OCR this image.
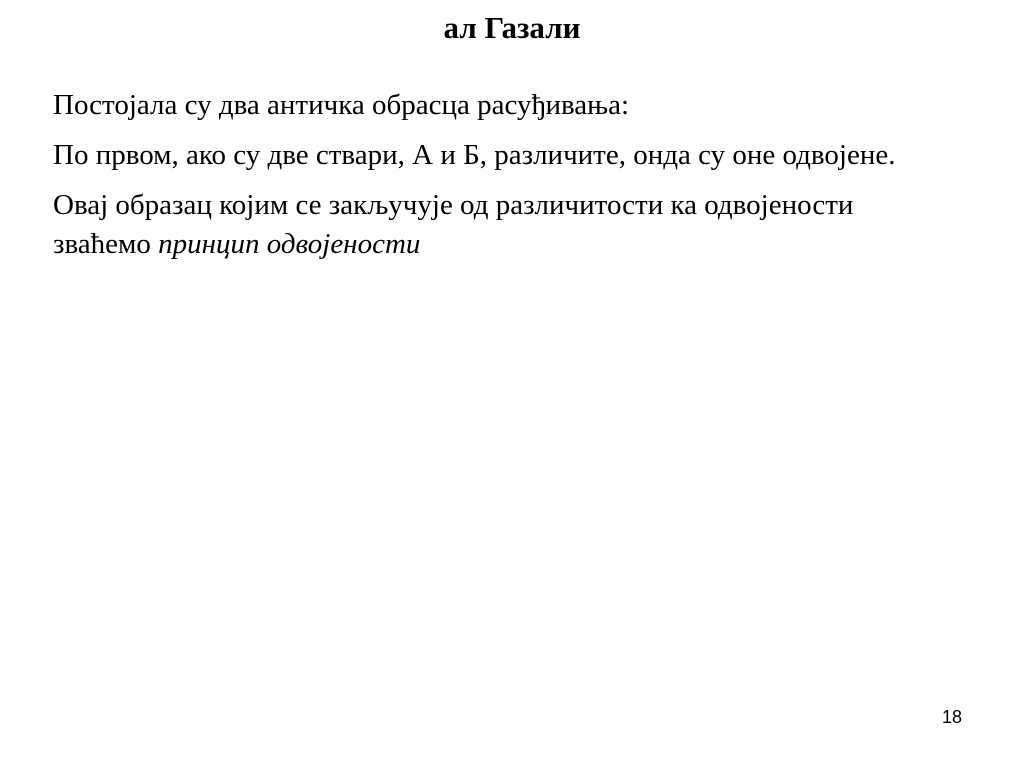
ал Газали

Постојала су два античка обрасца расуђивања:

По првом, ако су две ствари, А и Б, различите, онда су оне одвојене.

Овај образац којим се закључује од различитости ка одвојености зваћемо принцип одвојености

18
